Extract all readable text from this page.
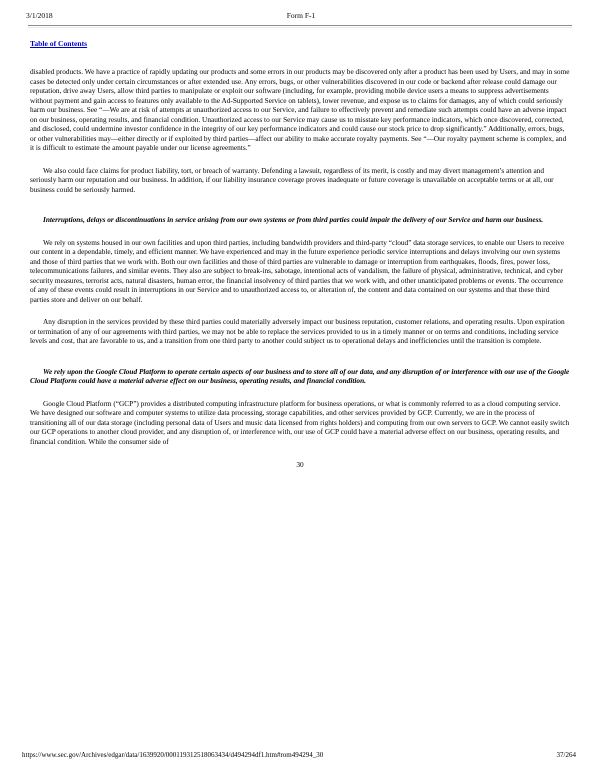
3/1/2018	Form F-1
Table of Contents

disabled products. We have a practice of rapidly updating our products and some errors in our products may be discovered only after a product has been used by Users, and may in some cases be detected only under certain circumstances or after extended use. Any errors, bugs, or other vulnerabilities discovered in our code or backend after release could damage our reputation, drive away Users, allow third parties to manipulate or exploit our software (including, for example, providing mobile device users a means to suppress advertisements without payment and gain access to features only available to the Ad-Supported Service on tablets), lower revenue, and expose us to claims for damages, any of which could seriously harm our business. See “—We are at risk of attempts at unauthorized access to our Service, and failure to effectively prevent and remediate such attempts could have an adverse impact on our business, operating results, and financial condition. Unauthorized access to our Service may cause us to misstate key performance indicators, which once discovered, corrected, and disclosed, could undermine investor confidence in the integrity of our key performance indicators and could cause our stock price to drop significantly.” Additionally, errors, bugs, or other vulnerabilities may—either directly or if exploited by third parties—affect our ability to make accurate royalty payments. See “—Our royalty payment scheme is complex, and it is difficult to estimate the amount payable under our license agreements.”

We also could face claims for product liability, tort, or breach of warranty. Defending a lawsuit, regardless of its merit, is costly and may divert management’s attention and seriously harm our reputation and our business. In addition, if our liability insurance coverage proves inadequate or future coverage is unavailable on acceptable terms or at all, our business could be seriously harmed.

Interruptions, delays or discontinuations in service arising from our own systems or from third parties could impair the delivery of our Service and harm our business.

We rely on systems housed in our own facilities and upon third parties, including bandwidth providers and third-party “cloud” data storage services, to enable our Users to receive our content in a dependable, timely, and efficient manner. We have experienced and may in the future experience periodic service interruptions and delays involving our own systems and those of third parties that we work with. Both our own facilities and those of third parties are vulnerable to damage or interruption from earthquakes, floods, fires, power loss, telecommunications failures, and similar events. They also are subject to break-ins, sabotage, intentional acts of vandalism, the failure of physical, administrative, technical, and cyber security measures, terrorist acts, natural disasters, human error, the financial insolvency of third parties that we work with, and other unanticipated problems or events. The occurrence of any of these events could result in interruptions in our Service and to unauthorized access to, or alteration of, the content and data contained on our systems and that these third parties store and deliver on our behalf.

Any disruption in the services provided by these third parties could materially adversely impact our business reputation, customer relations, and operating results. Upon expiration or termination of any of our agreements with third parties, we may not be able to replace the services provided to us in a timely manner or on terms and conditions, including service levels and cost, that are favorable to us, and a transition from one third party to another could subject us to operational delays and inefficiencies until the transition is complete.

We rely upon the Google Cloud Platform to operate certain aspects of our business and to store all of our data, and any disruption of or interference with our use of the Google Cloud Platform could have a material adverse effect on our business, operating results, and financial condition.

Google Cloud Platform (“GCP”) provides a distributed computing infrastructure platform for business operations, or what is commonly referred to as a cloud computing service. We have designed our software and computer systems to utilize data processing, storage capabilities, and other services provided by GCP. Currently, we are in the process of transitioning all of our data storage (including personal data of Users and music data licensed from rights holders) and computing from our own servers to GCP. We cannot easily switch our GCP operations to another cloud provider, and any disruption of, or interference with, our use of GCP could have a material adverse effect on our business, operating results, and financial condition. While the consumer side of

30
https://www.sec.gov/Archives/edgar/data/1639920/000119312518063434/d494294df1.htm#rom494294_30	37/264
